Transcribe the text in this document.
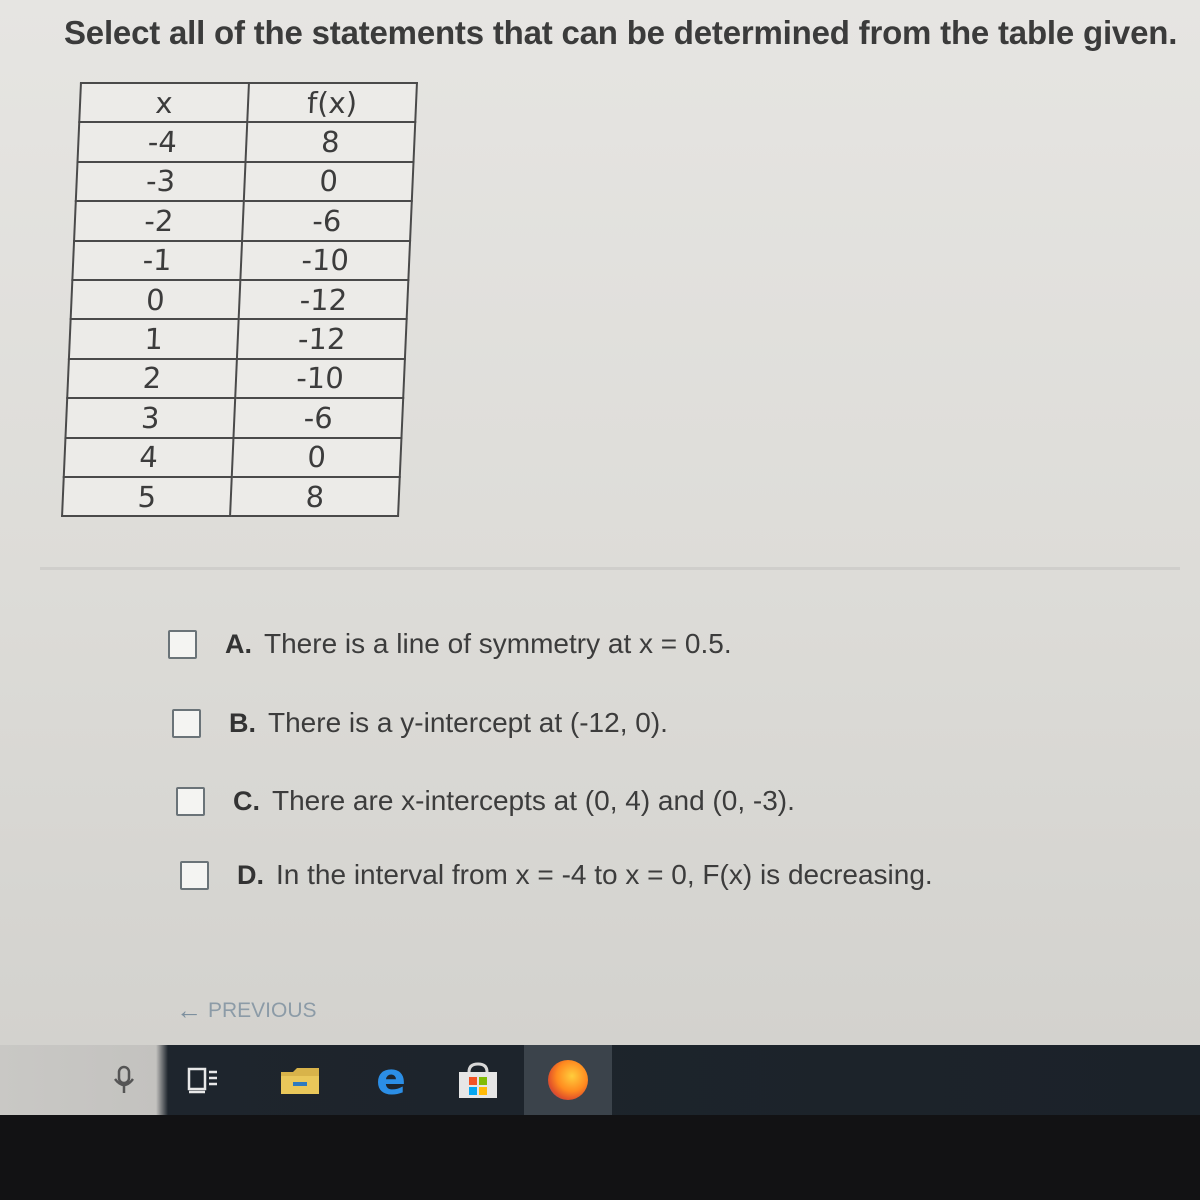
Select all of the statements that can be determined from the table given.
x	f(x)
-4	8
-3	0
-2	-6
-1	-10
0	-12
1	-12
2	-10
3	-6
4	0
5	8
A. There is a line of symmetry at x = 0.5.
B. There is a y-intercept at (-12, 0).
C. There are x-intercepts at (0, 4) and (0, -3).
D. In the interval from x = -4 to x = 0, F(x) is decreasing.
← PREVIOUS
e
